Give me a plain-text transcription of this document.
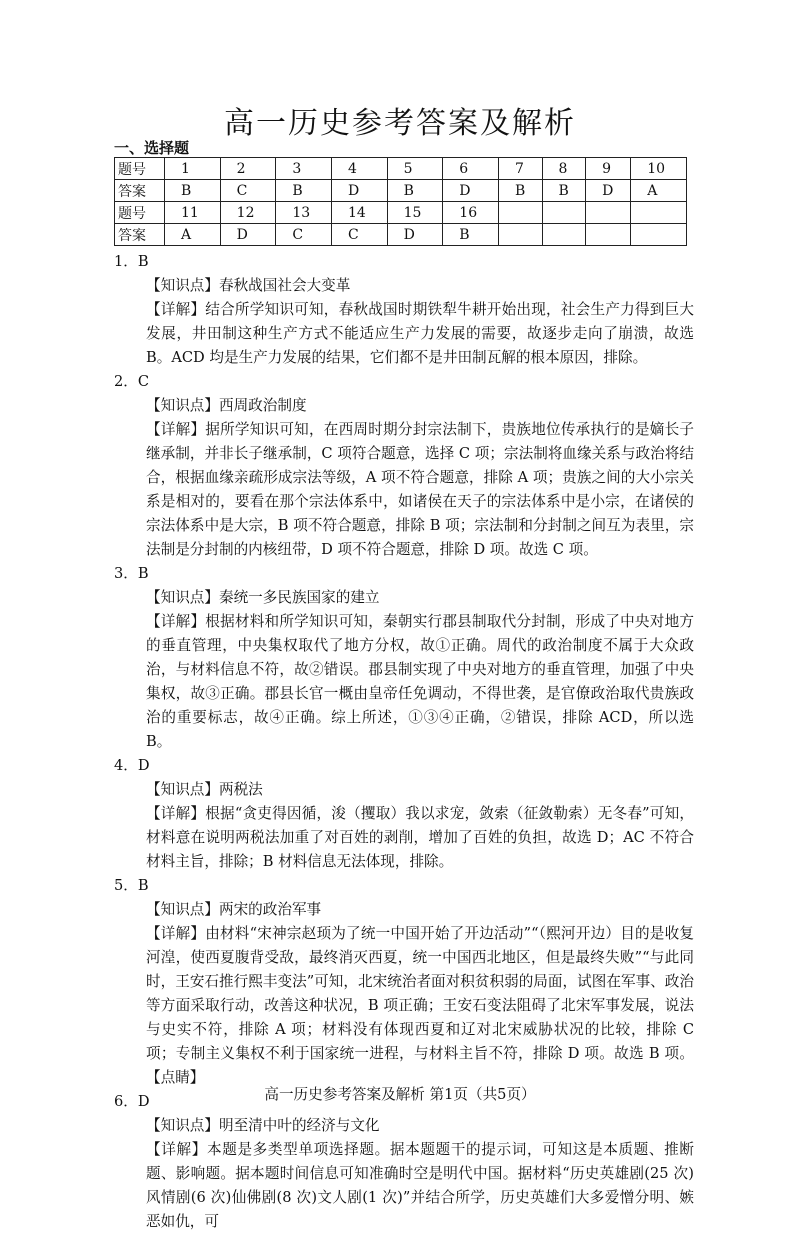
高一历史参考答案及解析
一、选择题
题号	1	2	3	4	5	6	7	8	9	10
答案	B	C	B	D	B	D	B	B	D	A
题号	11	12	13	14	15	16				
答案	A	D	C	C	D	B				

1．B

【知识点】春秋战国社会大变革

【详解】结合所学知识可知，春秋战国时期铁犁牛耕开始出现，社会生产力得到巨大发展，井田制这种生产方式不能适应生产力发展的需要，故逐步走向了崩溃，故选 B。ACD 均是生产力发展的结果，它们都不是井田制瓦解的根本原因，排除。

2．C

【知识点】西周政治制度

【详解】据所学知识可知，在西周时期分封宗法制下，贵族地位传承执行的是嫡长子继承制，并非长子继承制，C 项符合题意，选择 C 项；宗法制将血缘关系与政治将结合，根据血缘亲疏形成宗法等级，A 项不符合题意，排除 A 项；贵族之间的大小宗关系是相对的，要看在那个宗法体系中，如诸侯在天子的宗法体系中是小宗，在诸侯的宗法体系中是大宗，B 项不符合题意，排除 B 项；宗法制和分封制之间互为表里，宗法制是分封制的内核纽带，D 项不符合题意，排除 D 项。故选 C 项。

3．B

【知识点】秦统一多民族国家的建立

【详解】根据材料和所学知识可知，秦朝实行郡县制取代分封制，形成了中央对地方的垂直管理，中央集权取代了地方分权，故①正确。周代的政治制度不属于大众政治，与材料信息不符，故②错误。郡县制实现了中央对地方的垂直管理，加强了中央集权，故③正确。郡县长官一概由皇帝任免调动，不得世袭，是官僚政治取代贵族政治的重要标志，故④正确。综上所述，①③④正确，②错误，排除 ACD，所以选 B。

4．D

【知识点】两税法

【详解】根据“贪吏得因循，浚（攫取）我以求宠，敛索（征敛勒索）无冬春”可知，材料意在说明两税法加重了对百姓的剥削，增加了百姓的负担，故选 D；AC 不符合材料主旨，排除；B 材料信息无法体现，排除。

5．B

【知识点】两宋的政治军事

【详解】由材料“宋神宗赵顼为了统一中国开始了开边活动”“（熙河开边）目的是收复河湟，使西夏腹背受敌，最终消灭西夏，统一中国西北地区，但是最终失败”“与此同时，王安石推行熙丰变法”可知，北宋统治者面对积贫积弱的局面，试图在军事、政治等方面采取行动，改善这种状况，B 项正确；王安石变法阻碍了北宋军事发展，说法与史实不符，排除 A 项；材料没有体现西夏和辽对北宋威胁状况的比较，排除 C 项；专制主义集权不利于国家统一进程，与材料主旨不符，排除 D 项。故选 B 项。【点睛】

6．D

【知识点】明至清中叶的经济与文化

【详解】本题是多类型单项选择题。据本题题干的提示词，可知这是本质题、推断题、影响题。据本题时间信息可知准确时空是明代中国。据材料“历史英雄剧(25 次)风情剧(6 次)仙佛剧(8 次)文人剧(1 次)”并结合所学，历史英雄们大多爱憎分明、嫉恶如仇，可

高一历史参考答案及解析 第1页（共5页）
